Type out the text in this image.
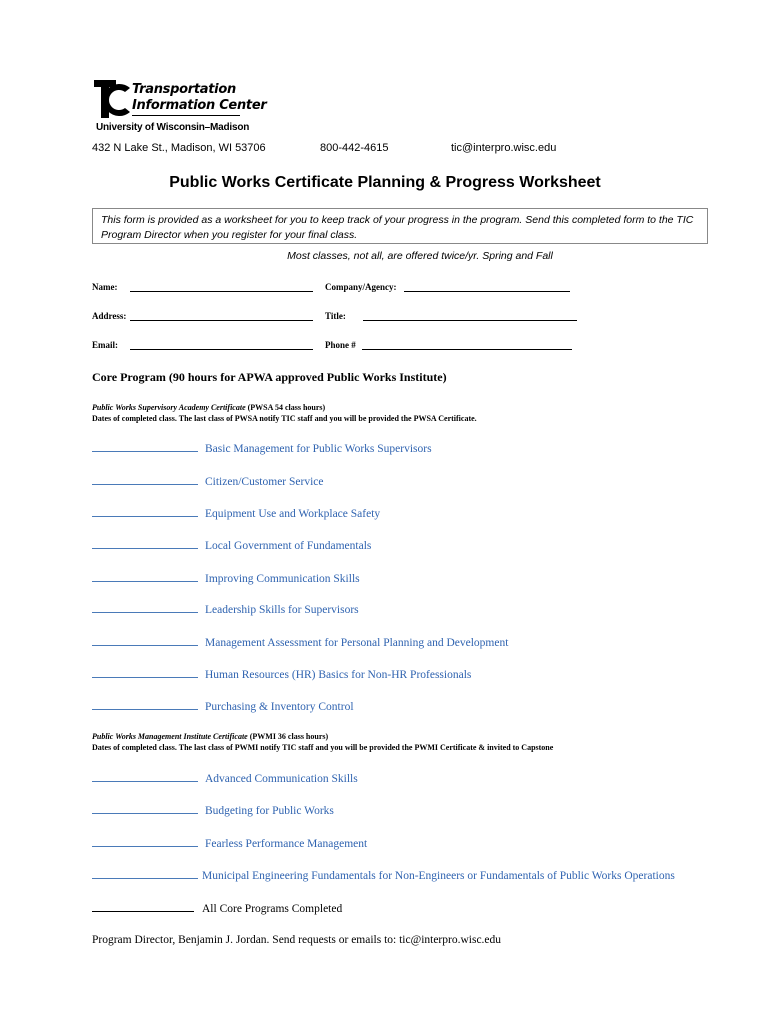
Transportation
Information Center
University of Wisconsin–Madison
432 N Lake St., Madison, WI 53706	800-442-4615	tic@interpro.wisc.edu
Public Works Certificate Planning & Progress Worksheet
This form is provided as a worksheet for you to keep track of your progress in the program. Send this completed form to the TIC Program Director when you register for your final class.
Most classes, not all, are offered twice/yr. Spring and Fall
Name:	Company/Agency:
Address:	Title:
Email:	Phone #
Core Program (90 hours for APWA approved Public Works Institute)
Public Works Supervisory Academy Certificate (PWSA 54 class hours)
Dates of completed class. The last class of PWSA notify TIC staff and you will be provided the PWSA Certificate.
Basic Management for Public Works Supervisors
Citizen/Customer Service
Equipment Use and Workplace Safety
Local Government of Fundamentals
Improving Communication Skills
Leadership Skills for Supervisors
Management Assessment for Personal Planning and Development
Human Resources (HR) Basics for Non-HR Professionals
Purchasing & Inventory Control
Public Works Management Institute Certificate (PWMI 36 class hours)
Dates of completed class. The last class of PWMI notify TIC staff and you will be provided the PWMI Certificate & invited to Capstone
Advanced Communication Skills
Budgeting for Public Works
Fearless Performance Management
Municipal Engineering Fundamentals for Non-Engineers or Fundamentals of Public Works Operations
All Core Programs Completed
Program Director, Benjamin J. Jordan. Send requests or emails to: tic@interpro.wisc.edu
